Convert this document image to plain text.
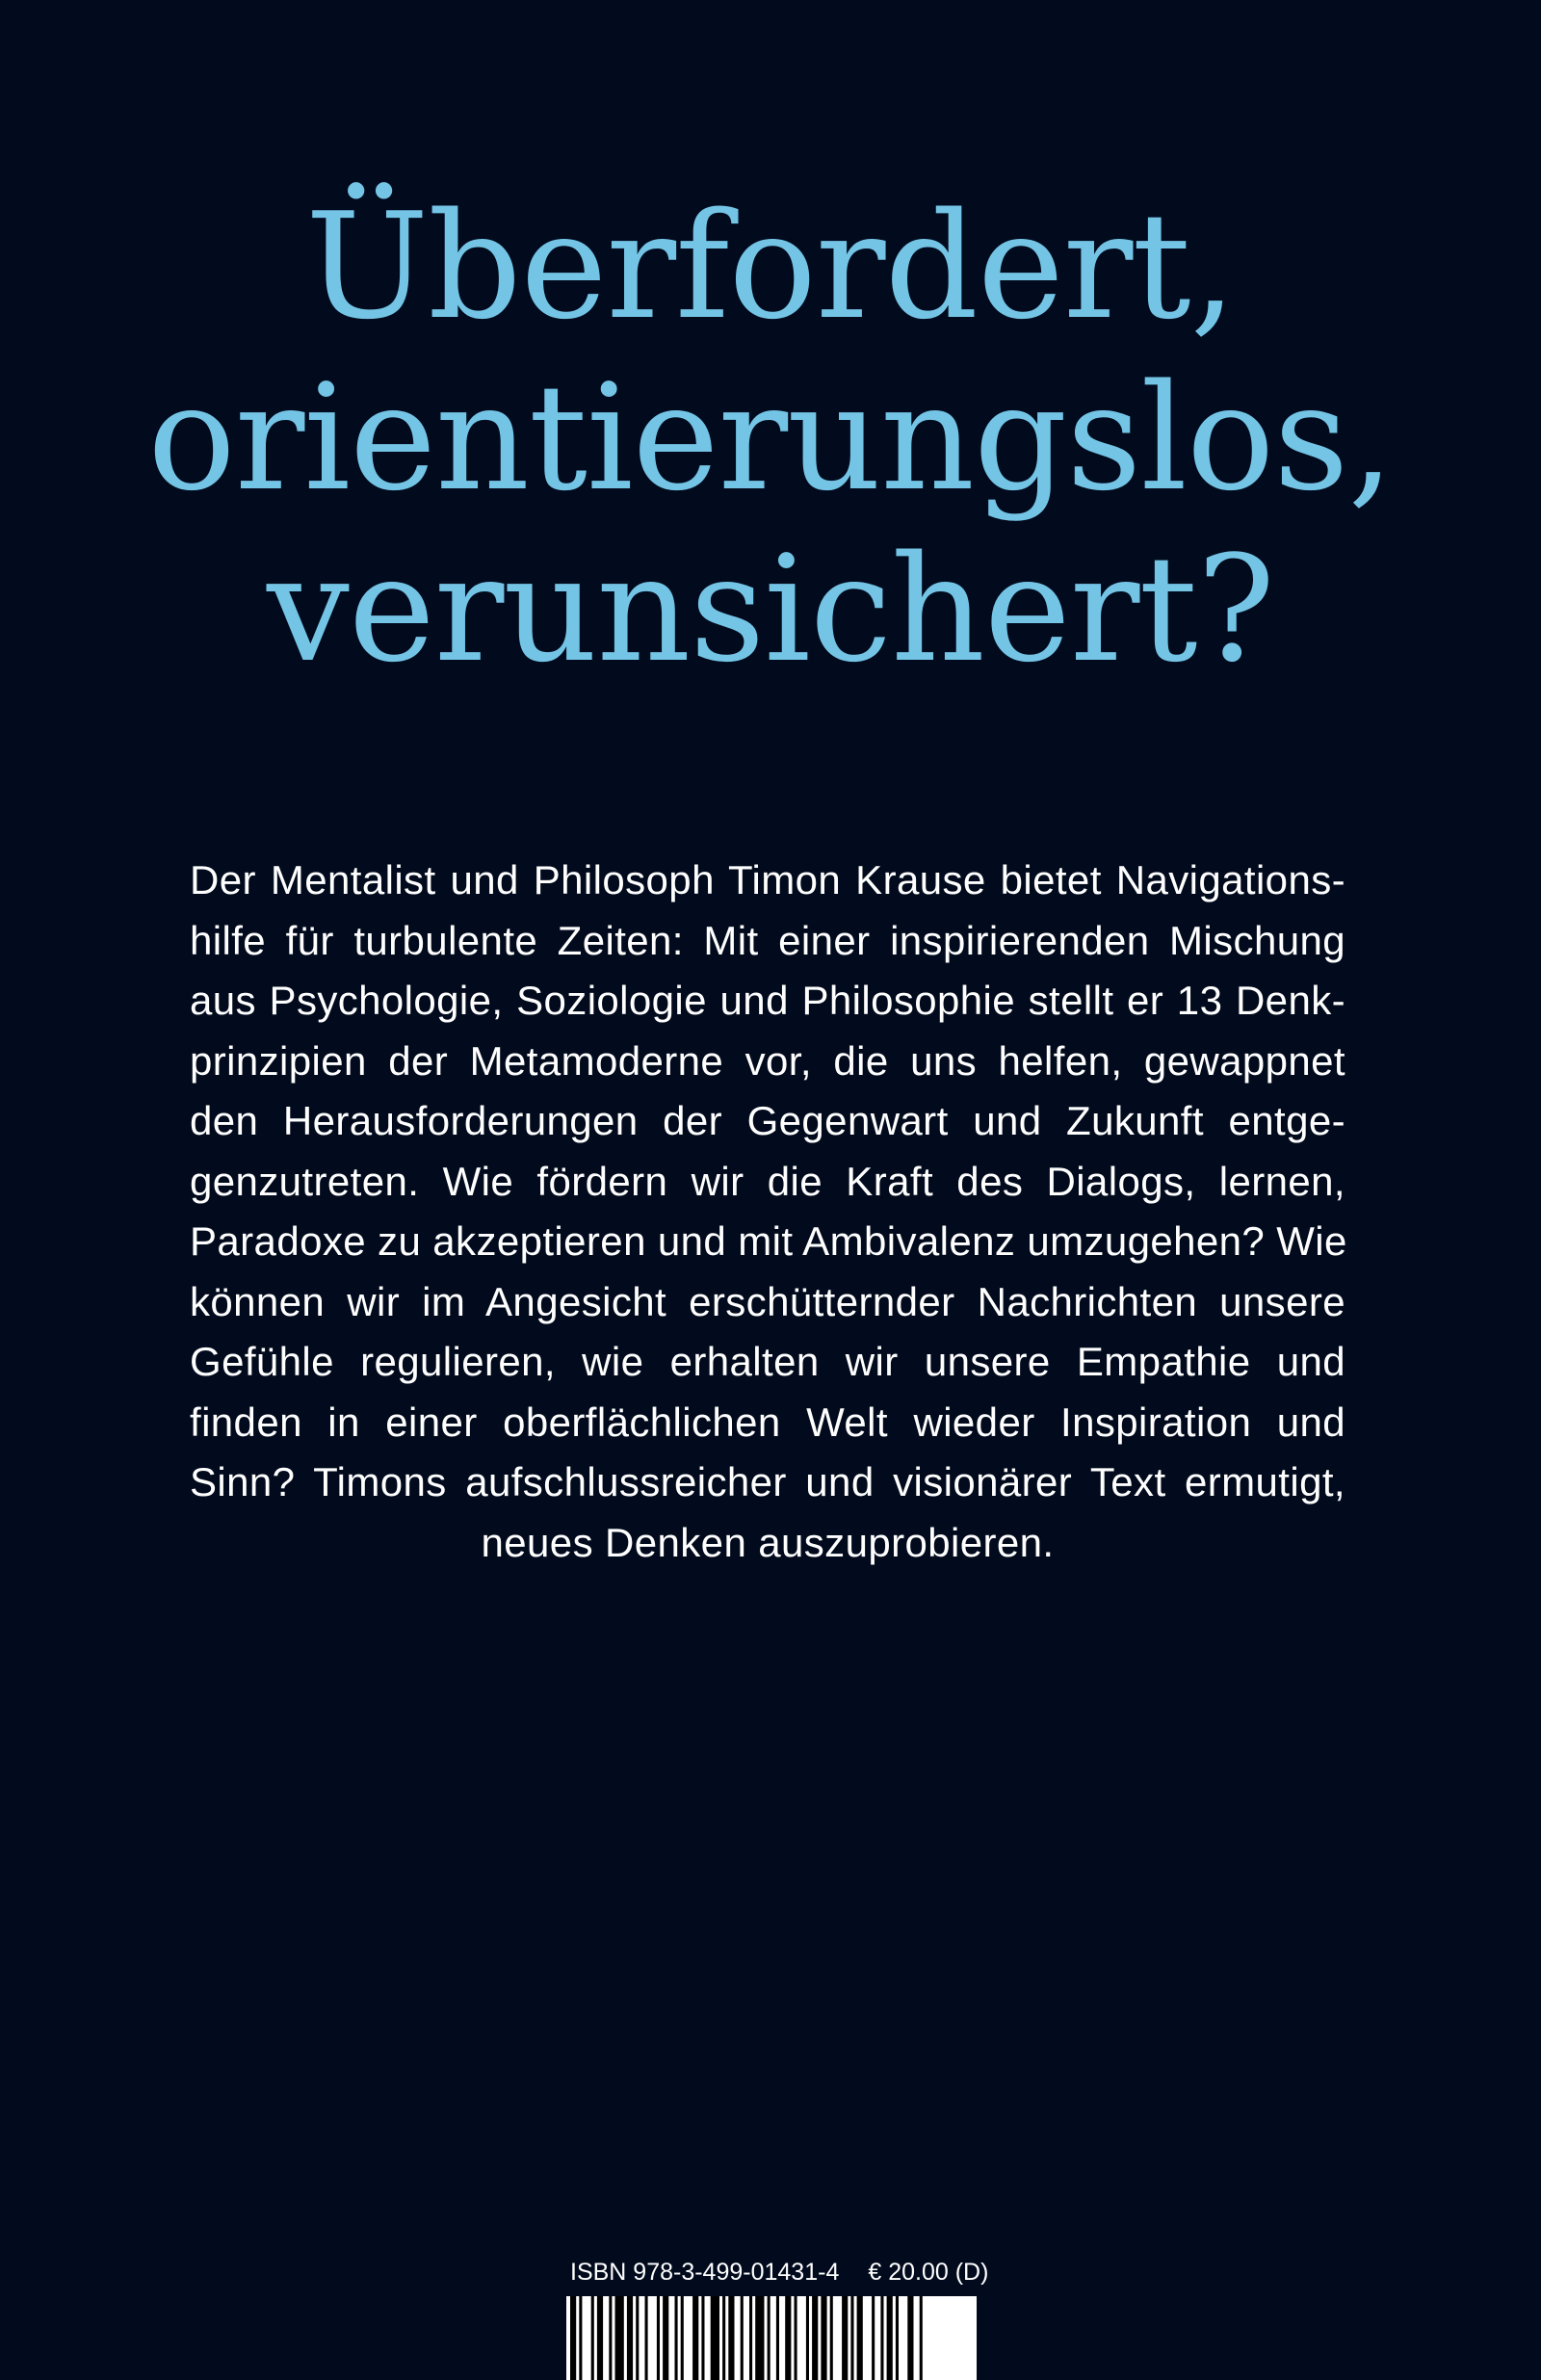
Überfordert,
orientierungslos,
verunsichert?
Der Mentalist und Philosoph Timon Krause bietet Navigations-
hilfe für turbulente Zeiten: Mit einer inspirierenden Mischung
aus Psychologie, Soziologie und Philosophie stellt er 13 Denk-
prinzipien der Metamoderne vor, die uns helfen, gewappnet
den Herausforderungen der Gegenwart und Zukunft entge-
genzutreten. Wie fördern wir die Kraft des Dialogs, lernen,
Paradoxe zu akzeptieren und mit Ambivalenz umzugehen? Wie
können wir im Angesicht erschütternder Nachrichten unsere
Gefühle regulieren, wie erhalten wir unsere Empathie und
finden in einer oberflächlichen Welt wieder Inspiration und
Sinn? Timons aufschlussreicher und visionärer Text ermutigt,
neues Denken auszuprobieren.
ISBN 978-3-499-01431-4 € 20.00 (D)
